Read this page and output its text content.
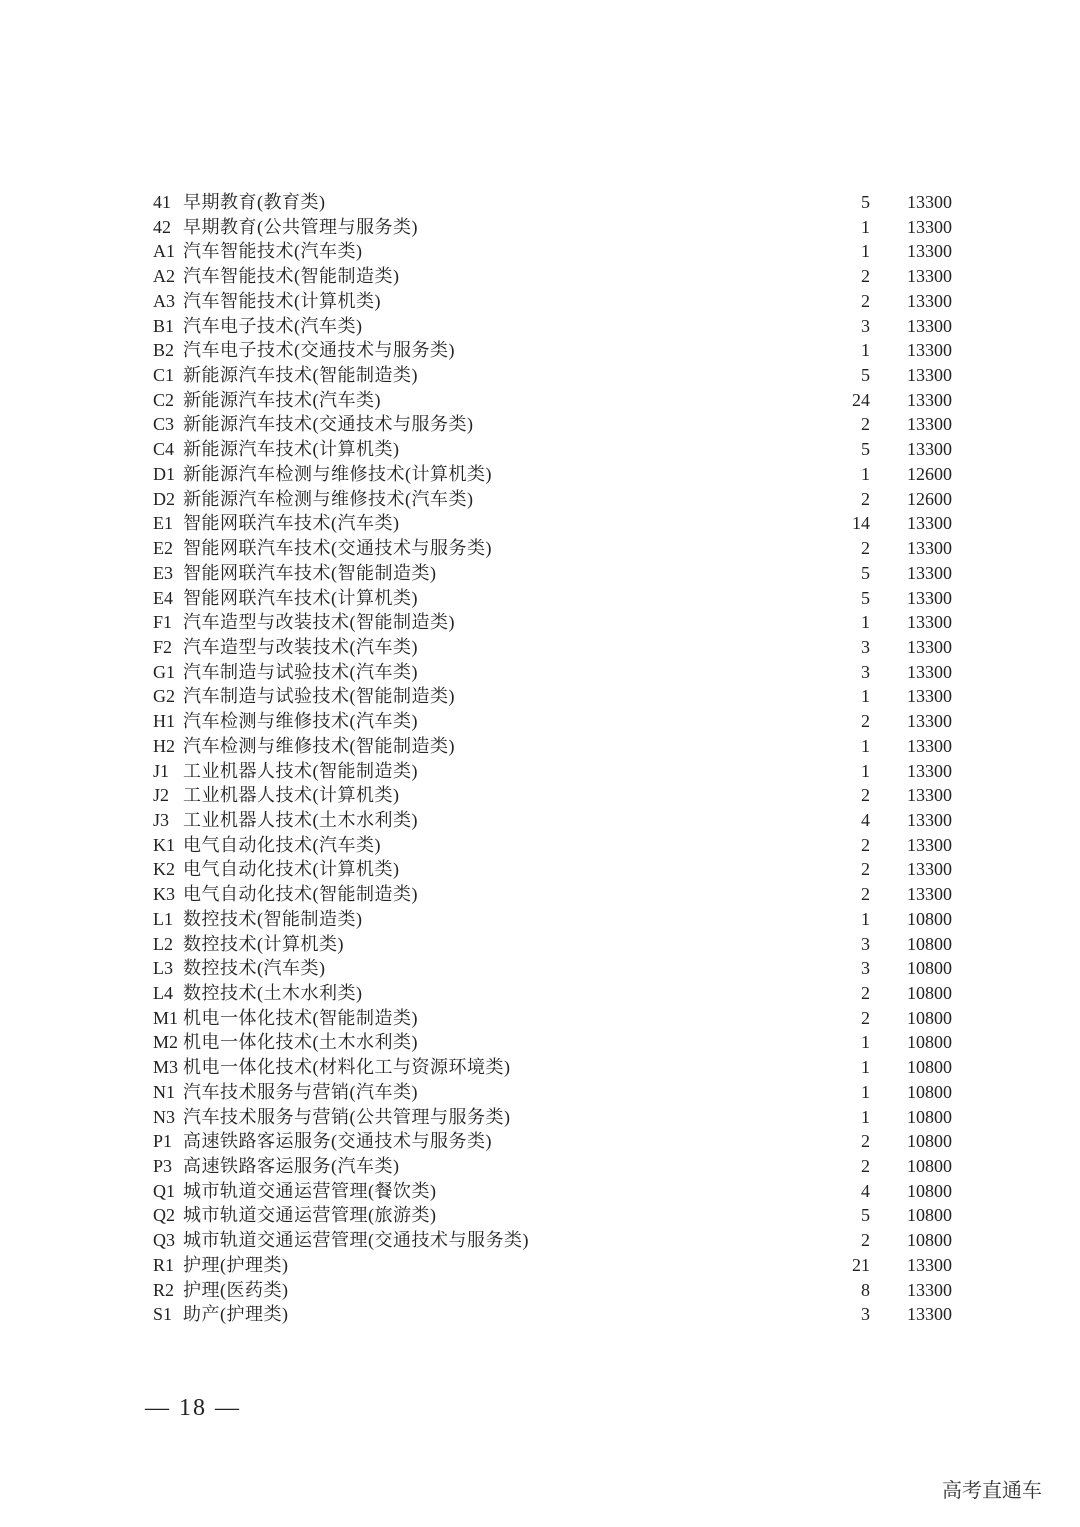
41 早期教育(教育类)	5 13300
42 早期教育(公共管理与服务类)	1 13300
A1 汽车智能技术(汽车类)	1 13300
A2 汽车智能技术(智能制造类)	2 13300
A3 汽车智能技术(计算机类)	2 13300
B1 汽车电子技术(汽车类)	3 13300
B2 汽车电子技术(交通技术与服务类)	1 13300
C1 新能源汽车技术(智能制造类)	5 13300
C2 新能源汽车技术(汽车类)	24 13300
C3 新能源汽车技术(交通技术与服务类)	2 13300
C4 新能源汽车技术(计算机类)	5 13300
D1 新能源汽车检测与维修技术(计算机类)	1 12600
D2 新能源汽车检测与维修技术(汽车类)	2 12600
E1 智能网联汽车技术(汽车类)	14 13300
E2 智能网联汽车技术(交通技术与服务类)	2 13300
E3 智能网联汽车技术(智能制造类)	5 13300
E4 智能网联汽车技术(计算机类)	5 13300
F1 汽车造型与改装技术(智能制造类)	1 13300
F2 汽车造型与改装技术(汽车类)	3 13300
G1 汽车制造与试验技术(汽车类)	3 13300
G2 汽车制造与试验技术(智能制造类)	1 13300
H1 汽车检测与维修技术(汽车类)	2 13300
H2 汽车检测与维修技术(智能制造类)	1 13300
J1 工业机器人技术(智能制造类)	1 13300
J2 工业机器人技术(计算机类)	2 13300
J3 工业机器人技术(土木水利类)	4 13300
K1 电气自动化技术(汽车类)	2 13300
K2 电气自动化技术(计算机类)	2 13300
K3 电气自动化技术(智能制造类)	2 13300
L1 数控技术(智能制造类)	1 10800
L2 数控技术(计算机类)	3 10800
L3 数控技术(汽车类)	3 10800
L4 数控技术(土木水利类)	2 10800
M1 机电一体化技术(智能制造类)	2 10800
M2 机电一体化技术(土木水利类)	1 10800
M3 机电一体化技术(材料化工与资源环境类)	1 10800
N1 汽车技术服务与营销(汽车类)	1 10800
N3 汽车技术服务与营销(公共管理与服务类)	1 10800
P1 高速铁路客运服务(交通技术与服务类)	2 10800
P3 高速铁路客运服务(汽车类)	2 10800
Q1 城市轨道交通运营管理(餐饮类)	4 10800
Q2 城市轨道交通运营管理(旅游类)	5 10800
Q3 城市轨道交通运营管理(交通技术与服务类)	2 10800
R1 护理(护理类)	21 13300
R2 护理(医药类)	8 13300
S1 助产(护理类)	3 13300
— 18 —
高考直通车
